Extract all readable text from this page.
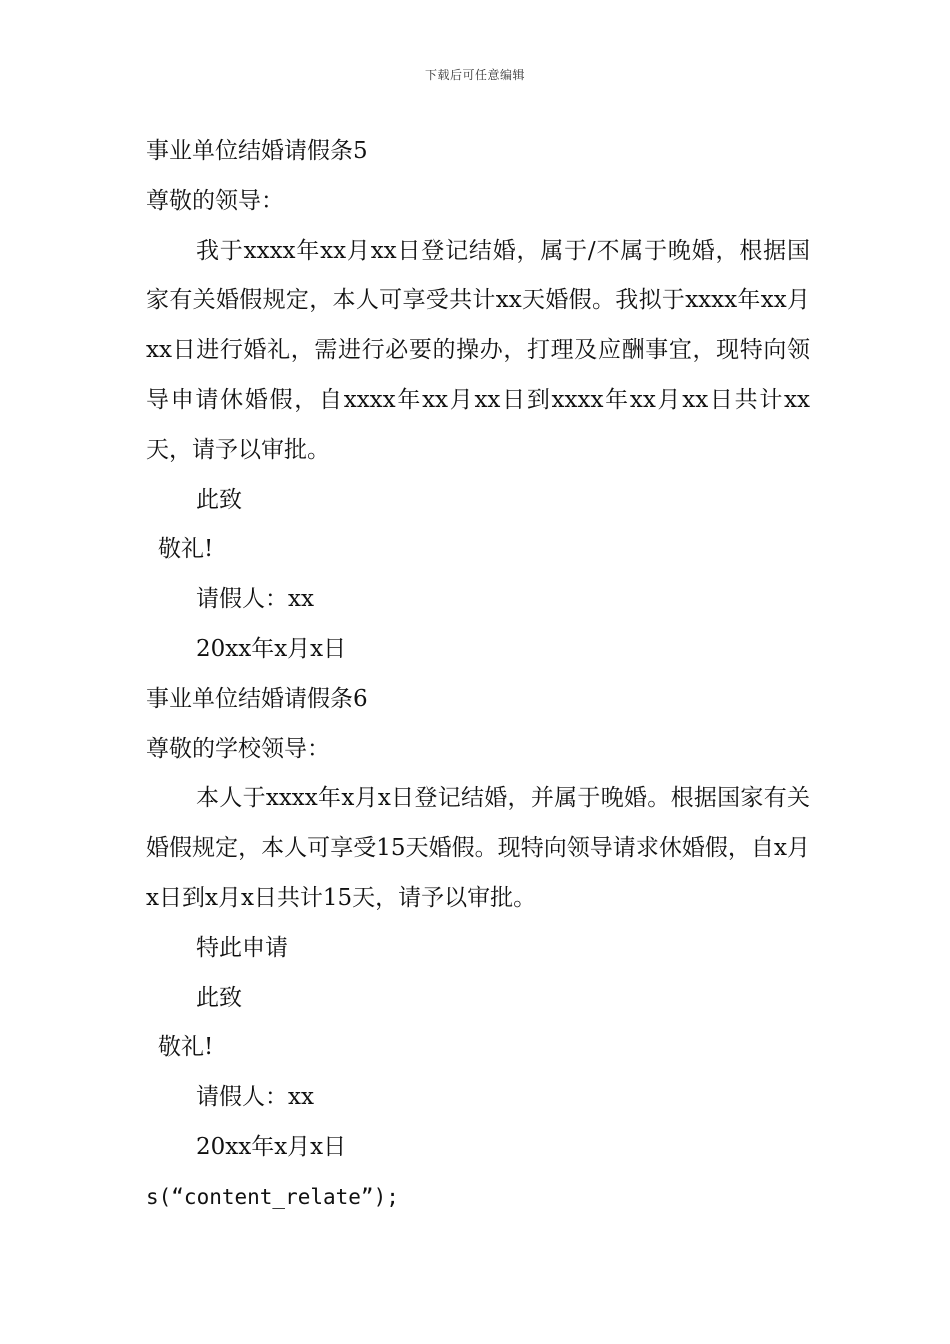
下载后可任意编辑
事业单位结婚请假条5
尊敬的领导：
我于xxxx年xx月xx日登记结婚，属于/不属于晚婚，根据国家有关婚假规定，本人可享受共计xx天婚假。我拟于xxxx年xx月xx日进行婚礼，需进行必要的操办，打理及应酬事宜，现特向领导申请休婚假，自xxxx年xx月xx日到xxxx年xx月xx日共计xx天，请予以审批。
此致
敬礼!
请假人：xx
20xx年x月x日
事业单位结婚请假条6
尊敬的学校领导：
本人于xxxx年x月x日登记结婚，并属于晚婚。根据国家有关婚假规定，本人可享受15天婚假。现特向领导请求休婚假，自x月x日到x月x日共计15天，请予以审批。
特此申请
此致
敬礼!
请假人：xx
20xx年x月x日
s(“content_relate”);
